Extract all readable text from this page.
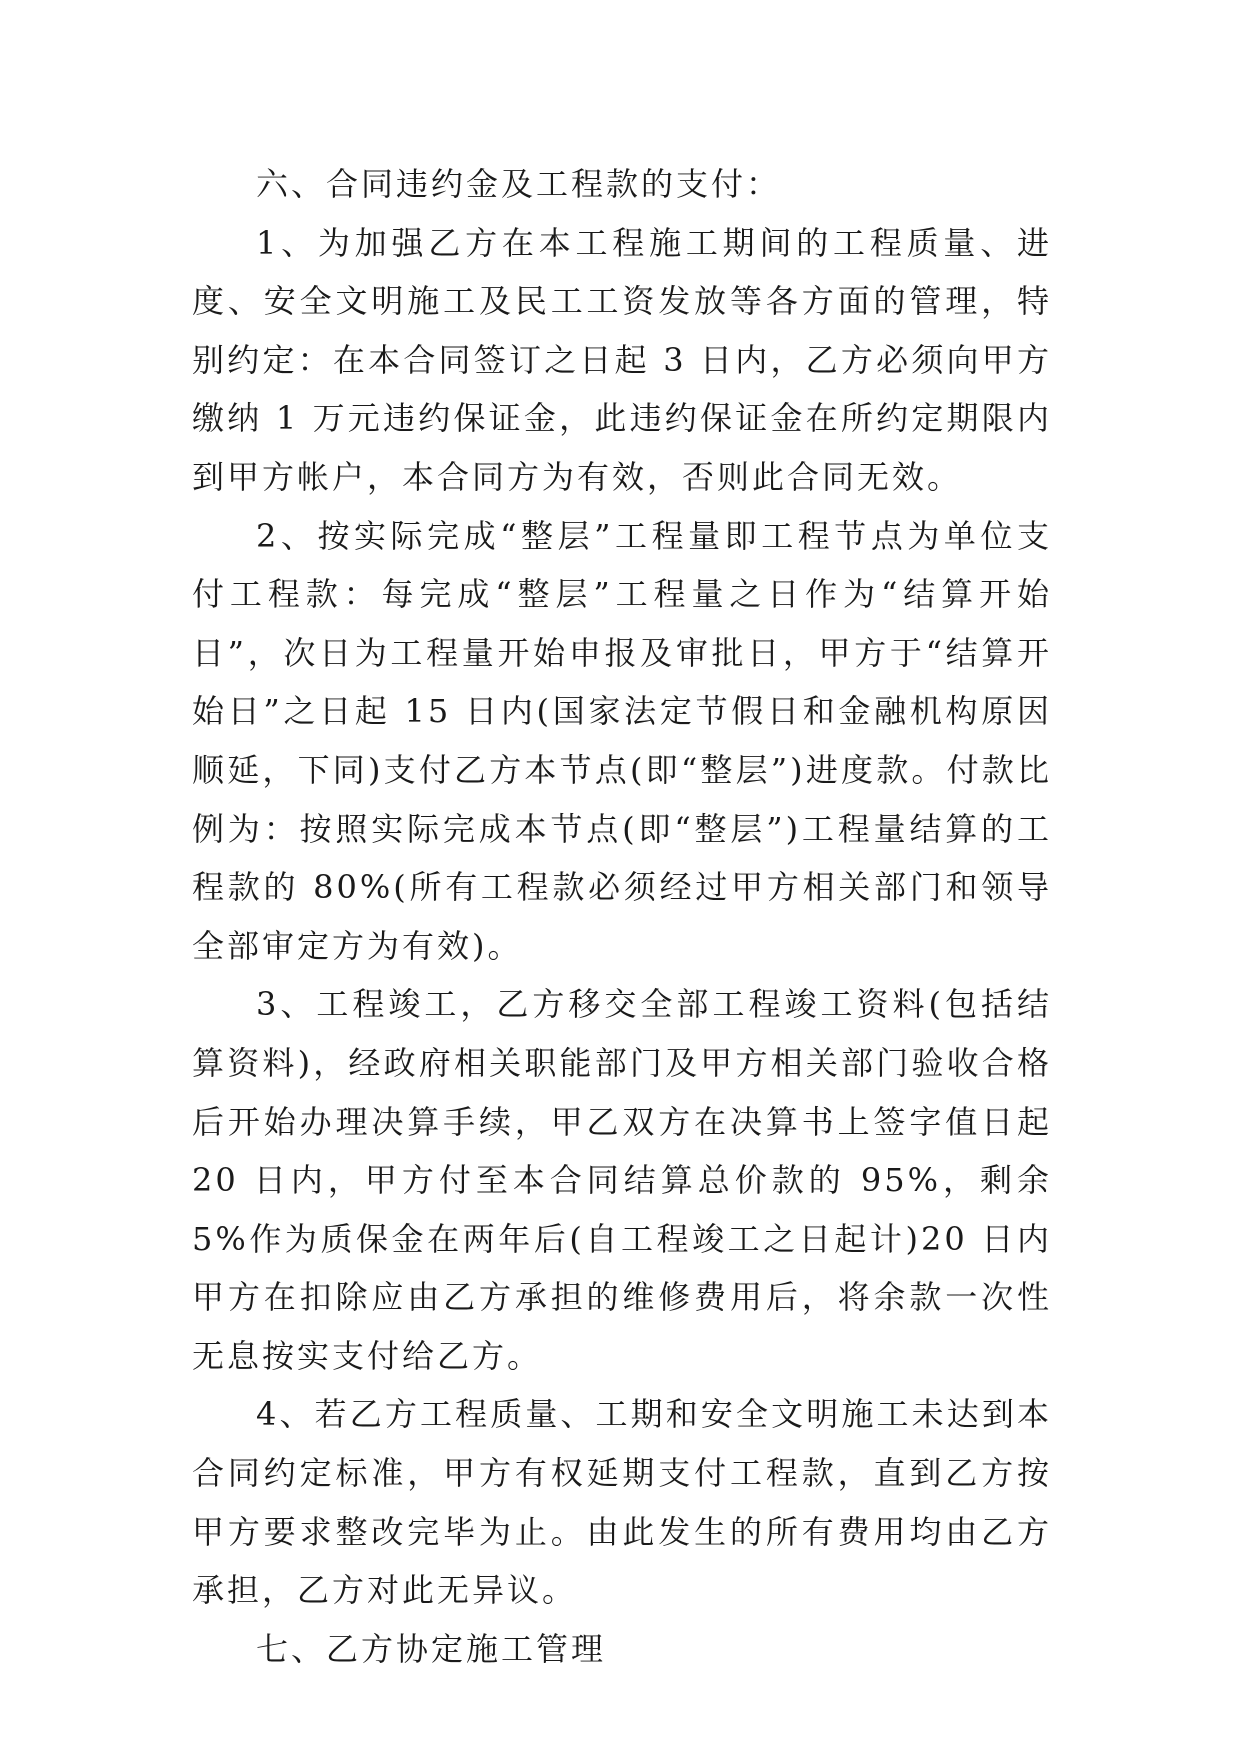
六、合同违约金及工程款的支付：

1、为加强乙方在本工程施工期间的工程质量、进度、安全文明施工及民工工资发放等各方面的管理，特别约定：在本合同签订之日起 3 日内，乙方必须向甲方缴纳 1 万元违约保证金，此违约保证金在所约定期限内到甲方帐户，本合同方为有效，否则此合同无效。

2、按实际完成“整层”工程量即工程节点为单位支付工程款：每完成“整层”工程量之日作为“结算开始日”，次日为工程量开始申报及审批日，甲方于“结算开始日”之日起 15 日内(国家法定节假日和金融机构原因顺延，下同)支付乙方本节点(即“整层”)进度款。付款比例为：按照实际完成本节点(即“整层”)工程量结算的工程款的 80%(所有工程款必须经过甲方相关部门和领导全部审定方为有效)。

3、工程竣工，乙方移交全部工程竣工资料(包括结算资料)，经政府相关职能部门及甲方相关部门验收合格后开始办理决算手续，甲乙双方在决算书上签字值日起 20 日内，甲方付至本合同结算总价款的 95%，剩余 5%作为质保金在两年后(自工程竣工之日起计)20 日内甲方在扣除应由乙方承担的维修费用后，将余款一次性无息按实支付给乙方。

4、若乙方工程质量、工期和安全文明施工未达到本合同约定标准，甲方有权延期支付工程款，直到乙方按甲方要求整改完毕为止。由此发生的所有费用均由乙方承担，乙方对此无异议。

七、乙方协定施工管理
